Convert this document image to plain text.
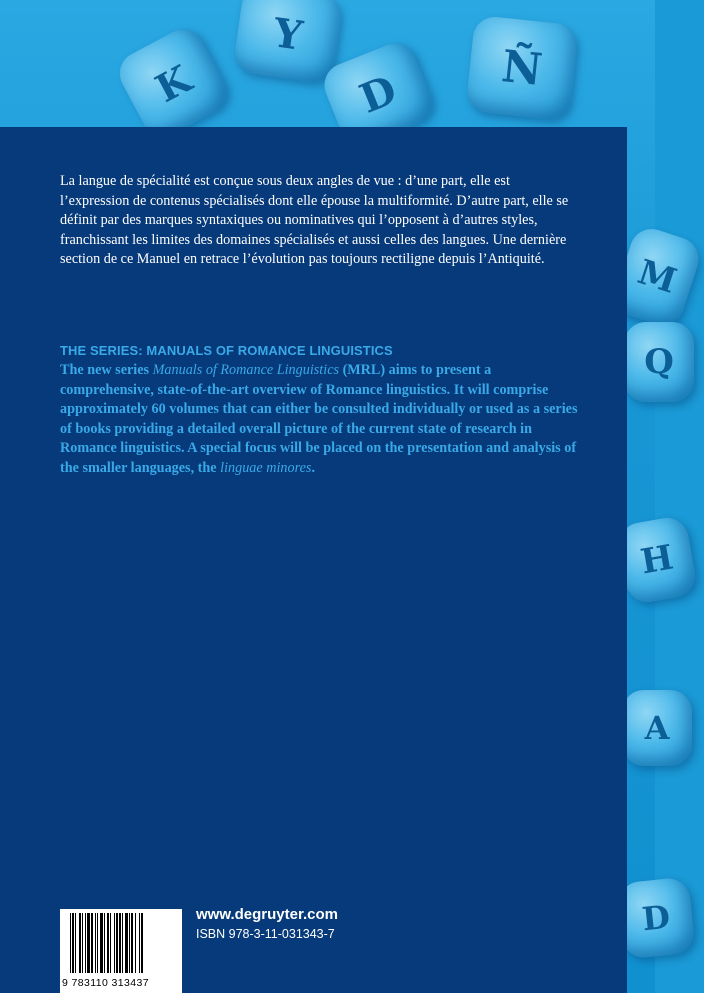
K
Y
D	Ñ
M
Q
H
A
D

La langue de spécialité est conçue sous deux angles de vue : d’une part, elle est l’expression de contenus spécialisés dont elle épouse la multiformité. D’autre part, elle se définit par des marques syntaxiques ou nominatives qui l’opposent à d’autres styles, franchissant les limites des domaines spécialisés et aussi celles des langues. Une dernière section de ce Manuel en retrace l’évolution pas toujours rectiligne depuis l’Antiquité.

THE SERIES: MANUALS OF ROMANCE LINGUISTICS

The new series Manuals of Romance Linguistics (MRL) aims to present a comprehensive, state-of-the-art overview of Romance linguistics. It will comprise approximately 60 volumes that can either be consulted individually or used as a series of books providing a detailed overall picture of the current state of research in Romance linguistics. A special focus will be placed on the presentation and analysis of the smaller languages, the linguae minores.

9 783110 313437
www.degruyter.com
ISBN 978-3-11-031343-7
